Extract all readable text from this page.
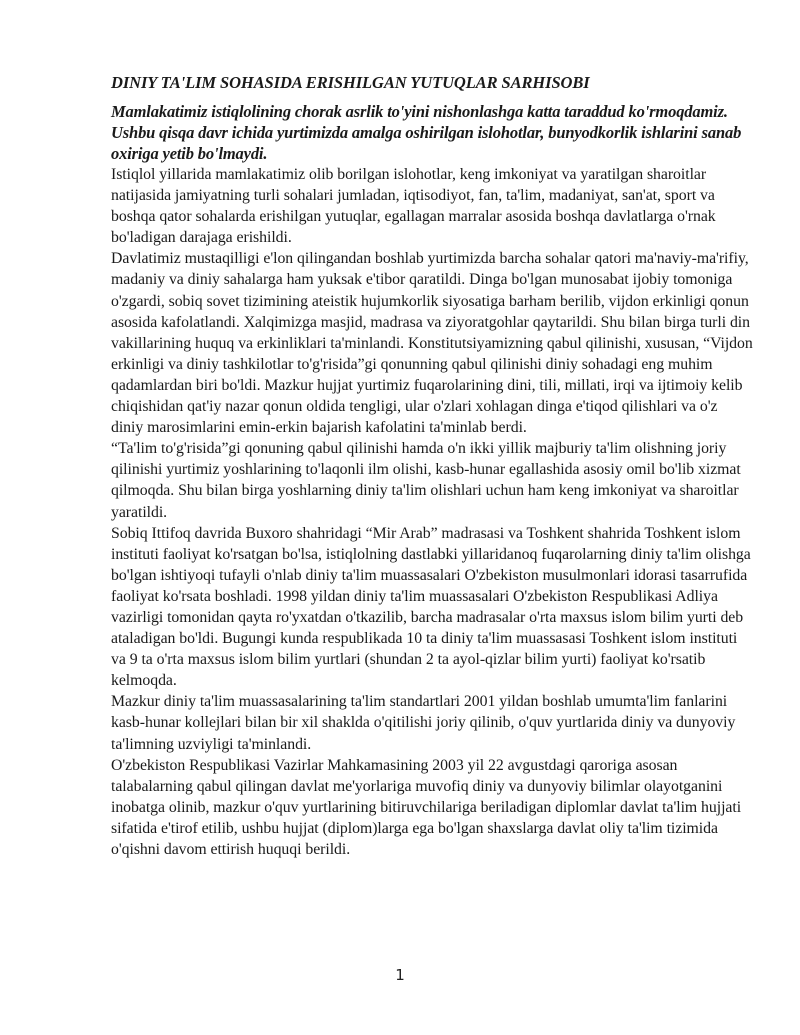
DINIY TA'LIM SOHASIDA ERISHILGAN YUTUQLAR SARHISOBI

Mamlakatimiz istiqlolining chorak asrlik to'yini nishonlashga katta taraddud ko'rmoqdamiz. Ushbu qisqa davr ichida yurtimizda amalga oshirilgan islohotlar, bunyodkorlik ishlarini sanab oxiriga yetib bo'lmaydi.

Istiqlol yillarida mamlakatimiz olib borilgan islohotlar, keng imkoniyat va yaratilgan sharoitlar natijasida jamiyatning turli sohalari jumladan, iqtisodiyot, fan, ta'lim, madaniyat, san'at, sport va boshqa qator sohalarda erishilgan yutuqlar, egallagan marralar asosida boshqa davlatlarga o'rnak bo'ladigan darajaga erishildi.

Davlatimiz mustaqilligi e'lon qilingandan boshlab yurtimizda barcha sohalar qatori ma'naviy-ma'rifiy, madaniy va diniy sahalarga ham yuksak e'tibor qaratildi. Dinga bo'lgan munosabat ijobiy tomoniga o'zgardi, sobiq sovet tizimining ateistik hujumkorlik siyosatiga barham berilib, vijdon erkinligi qonun asosida kafolatlandi. Xalqimizga masjid, madrasa va ziyoratgohlar qaytarildi. Shu bilan birga turli din vakillarining huquq va erkinliklari ta'minlandi. Konstitutsiyamizning qabul qilinishi, xususan, “Vijdon erkinligi va diniy tashkilotlar to'g'risida”gi qonunning qabul qilinishi diniy sohadagi eng muhim qadamlardan biri bo'ldi. Mazkur hujjat yurtimiz fuqarolarining dini, tili, millati, irqi va ijtimoiy kelib chiqishidan qat'iy nazar qonun oldida tengligi, ular o'zlari xohlagan dinga e'tiqod qilishlari va o'z diniy marosimlarini emin-erkin bajarish kafolatini ta'minlab berdi.

“Ta'lim to'g'risida”gi qonuning qabul qilinishi hamda o'n ikki yillik majburiy ta'lim olishning joriy qilinishi yurtimiz yoshlarining to'laqonli ilm olishi, kasb-hunar egallashida asosiy omil bo'lib xizmat qilmoqda. Shu bilan birga yoshlarning diniy ta'lim olishlari uchun ham keng imkoniyat va sharoitlar yaratildi.

Sobiq Ittifoq davrida Buxoro shahridagi “Mir Arab” madrasasi va Toshkent shahrida Toshkent islom instituti faoliyat ko'rsatgan bo'lsa, istiqlolning dastlabki yillaridanoq fuqarolarning diniy ta'lim olishga bo'lgan ishtiyoqi tufayli o'nlab diniy ta'lim muassasalari O'zbekiston musulmonlari idorasi tasarrufida faoliyat ko'rsata boshladi. 1998 yildan diniy ta'lim muassasalari O'zbekiston Respublikasi Adliya vazirligi tomonidan qayta ro'yxatdan o'tkazilib, barcha madrasalar o'rta maxsus islom bilim yurti deb ataladigan bo'ldi. Bugungi kunda respublikada 10 ta diniy ta'lim muassasasi Toshkent islom instituti va 9 ta o'rta maxsus islom bilim yurtlari (shundan 2 ta ayol-qizlar bilim yurti) faoliyat ko'rsatib kelmoqda.

Mazkur diniy ta'lim muassasalarining ta'lim standartlari 2001 yildan boshlab umumta'lim fanlarini kasb-hunar kollejlari bilan bir xil shaklda o'qitilishi joriy qilinib, o'quv yurtlarida diniy va dunyoviy ta'limning uzviyligi ta'minlandi.

O'zbekiston Respublikasi Vazirlar Mahkamasining 2003 yil 22 avgustdagi qaroriga asosan talabalarning qabul qilingan davlat me'yorlariga muvofiq diniy va dunyoviy bilimlar olayotganini inobatga olinib, mazkur o'quv yurtlarining bitiruvchilariga beriladigan diplomlar davlat ta'lim hujjati sifatida e'tirof etilib, ushbu hujjat (diplom)larga ega bo'lgan shaxslarga davlat oliy ta'lim tizimida o'qishni davom ettirish huquqi berildi.

1
